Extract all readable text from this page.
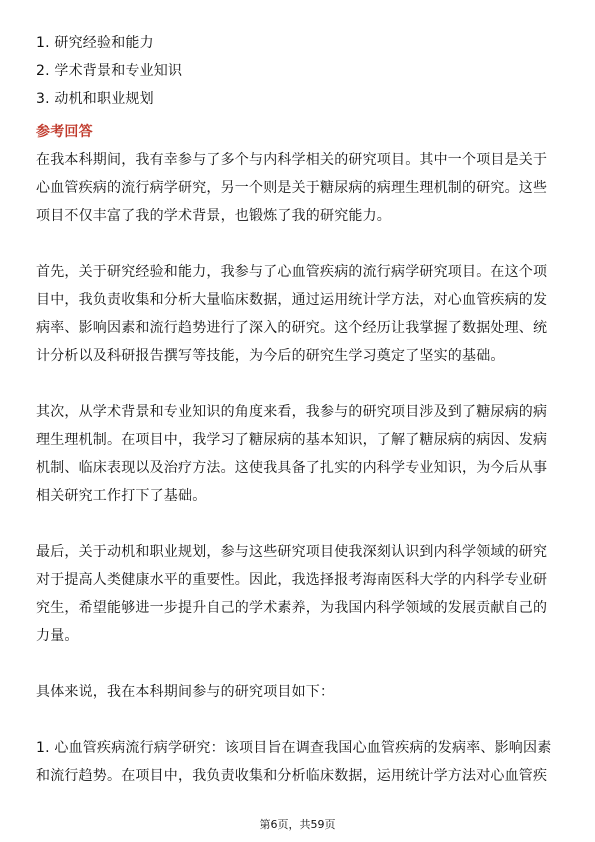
1. 研究经验和能力
2. 学术背景和专业知识
3. 动机和职业规划
参考回答
在我本科期间，我有幸参与了多个与内科学相关的研究项目。其中一个项目是关于
心血管疾病的流行病学研究，另一个则是关于糖尿病的病理生理机制的研究。这些
项目不仅丰富了我的学术背景，也锻炼了我的研究能力。
首先，关于研究经验和能力，我参与了心血管疾病的流行病学研究项目。在这个项
目中，我负责收集和分析大量临床数据，通过运用统计学方法，对心血管疾病的发
病率、影响因素和流行趋势进行了深入的研究。这个经历让我掌握了数据处理、统
计分析以及科研报告撰写等技能，为今后的研究生学习奠定了坚实的基础。
其次，从学术背景和专业知识的角度来看，我参与的研究项目涉及到了糖尿病的病
理生理机制。在项目中，我学习了糖尿病的基本知识，了解了糖尿病的病因、发病
机制、临床表现以及治疗方法。这使我具备了扎实的内科学专业知识，为今后从事
相关研究工作打下了基础。
最后，关于动机和职业规划，参与这些研究项目使我深刻认识到内科学领域的研究
对于提高人类健康水平的重要性。因此，我选择报考海南医科大学的内科学专业研
究生，希望能够进一步提升自己的学术素养，为我国内科学领域的发展贡献自己的
力量。
具体来说，我在本科期间参与的研究项目如下：
1. 心血管疾病流行病学研究：该项目旨在调查我国心血管疾病的发病率、影响因素
和流行趋势。在项目中，我负责收集和分析临床数据，运用统计学方法对心血管疾
第6页，共59页
